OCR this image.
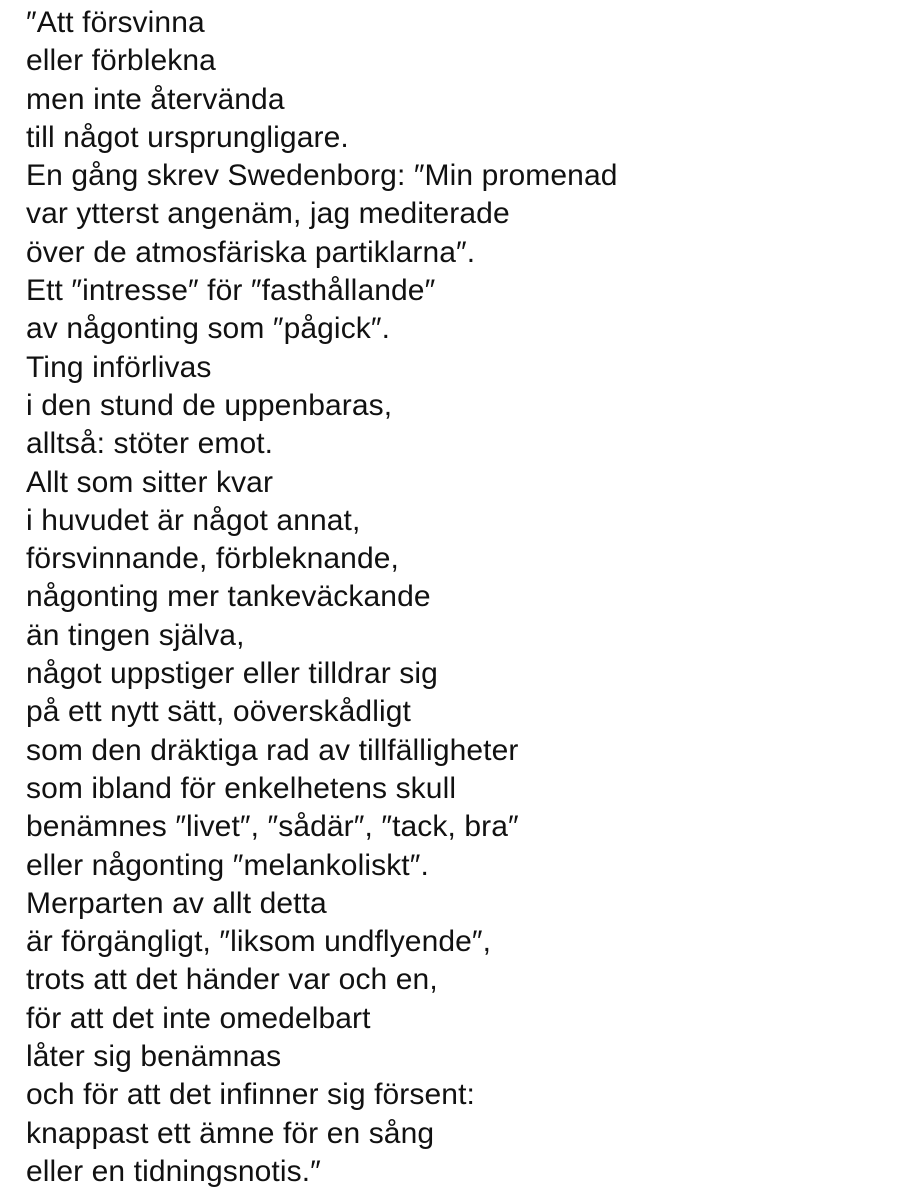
″Att försvinna
eller förblekna
men inte återvända
till något ursprungligare.
En gång skrev Swedenborg: ″Min promenad
var ytterst angenäm, jag mediterade
över de atmosfäriska partiklarna″.
Ett ″intresse″ för ″fasthållande″
av någonting som ″pågick″.
Ting införlivas
i den stund de uppenbaras,
alltså: stöter emot.
Allt som sitter kvar
i huvudet är något annat,
försvinnande, förbleknande,
någonting mer tankeväckande
än tingen själva,
något uppstiger eller tilldrar sig
på ett nytt sätt, oöverskådligt
som den dräktiga rad av tillfälligheter
som ibland för enkelhetens skull
benämnes ″livet″, ″sådär″, ″tack, bra″
eller någonting ″melankoliskt″.
Merparten av allt detta
är förgängligt, ″liksom undflyende″,
trots att det händer var och en,
för att det inte omedelbart
låter sig benämnas
och för att det infinner sig försent:
knappast ett ämne för en sång
eller en tidningsnotis.″
